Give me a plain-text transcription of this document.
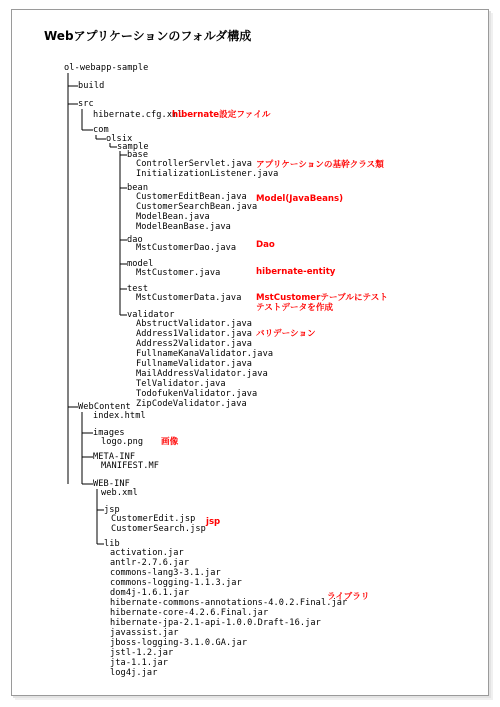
Webアプリケーションのフォルダ構成
ol-webapp-sample
build
src
hibernate.cfg.xml
hibernate設定ファイル
com
olsix
sample
base
ControllerServlet.java
InitializationListener.java
アプリケーションの基幹クラス類
bean
CustomerEditBean.java
CustomerSearchBean.java
ModelBean.java
ModelBeanBase.java
Model(JavaBeans)
dao
MstCustomerDao.java Dao
model
MstCustomer.java	hibernate-entity
test
MstCustomerData.java MstCustomerテーブルにテスト
テストデータを作成
validator
AbstructValidator.java
Address1Validator.java
Address2Validator.java
FullnameKanaValidator.java
FullnameValidator.java
MailAddressValidator.java
TelValidator.java
TodofukenValidator.java
ZipCodeValidator.java
バリデーション
WebContent
index.html
images
logo.png 画像
META-INF
MANIFEST.MF
WEB-INF
web.xml
jsp
CustomerEdit.jsp
CustomerSearch.jsp
jsp
lib
activation.jar
antlr-2.7.6.jar
commons-lang3-3.1.jar
commons-logging-1.1.3.jar
dom4j-1.6.1.jar
hibernate-commons-annotations-4.0.2.Final.jar
hibernate-core-4.2.6.Final.jar
hibernate-jpa-2.1-api-1.0.0.Draft-16.jar
javassist.jar
jboss-logging-3.1.0.GA.jar
jstl-1.2.jar
jta-1.1.jar
log4j.jar
ライブラリ
